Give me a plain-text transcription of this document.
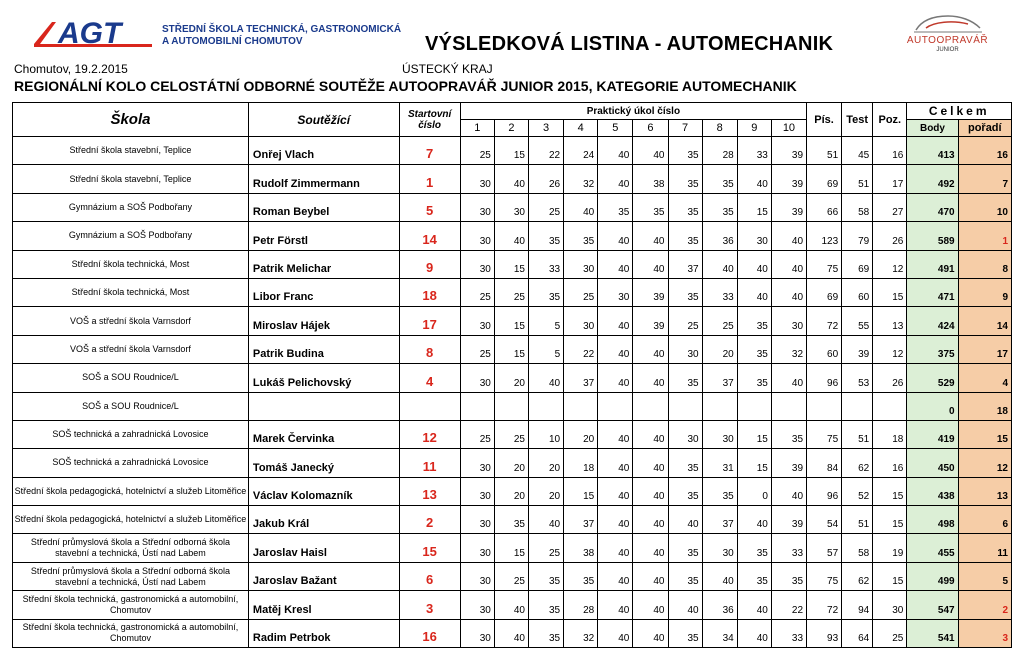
AGT	STŘEDNÍ ŠKOLA TECHNICKÁ, GASTRONOMICKÁ
A AUTOMOBILNÍ CHOMUTOV	VÝSLEDKOVÁ LISTINA - AUTOMECHANIK	AUTOOPRAVÁŘ
JUNIOR
Chomutov, 19.2.2015	ÚSTECKÝ KRAJ
REGIONÁLNÍ KOLO CELOSTÁTNÍ ODBORNÉ SOUTĚŽE AUTOOPRAVÁŘ JUNIOR 2015, KATEGORIE AUTOMECHANIK
Škola	Soutěžící	Startovní
číslo	Praktický úkol číslo										Pís.	Test	Poz.	Celkem	
			1	2	3	4	5	6	7	8	9	10				Body	pořadí
Střední škola stavební, Teplice	Onřej Vlach	7	25	15	22	24	40	40	35	28	33	39	51	45	16	413	16
Střední škola stavební, Teplice	Rudolf Zimmermann	1	30	40	26	32	40	38	35	35	40	39	69	51	17	492	7
Gymnázium a SOŠ Podbořany	Roman Beybel	5	30	30	25	40	35	35	35	35	15	39	66	58	27	470	10
Gymnázium a SOŠ Podbořany	Petr Förstl	14	30	40	35	35	40	40	35	36	30	40	123	79	26	589	1
Střední škola technická, Most	Patrik Melichar	9	30	15	33	30	40	40	37	40	40	40	75	69	12	491	8
Střední škola technická, Most	Libor Franc	18	25	25	35	25	30	39	35	33	40	40	69	60	15	471	9
VOŠ a střední škola Varnsdorf	Miroslav Hájek	17	30	15	5	30	40	39	25	25	35	30	72	55	13	424	14
VOŠ a střední škola Varnsdorf	Patrik Budina	8	25	15	5	22	40	40	30	20	35	32	60	39	12	375	17
SOŠ a SOU Roudnice/L	Lukáš Pelichovský	4	30	20	40	37	40	40	35	37	35	40	96	53	26	529	4
SOŠ a SOU Roudnice/L																0	18
SOŠ technická a zahradnická Lovosice	Marek Červinka	12	25	25	10	20	40	40	30	30	15	35	75	51	18	419	15
SOŠ technická a zahradnická Lovosice	Tomáš Janecký	11	30	20	20	18	40	40	35	31	15	39	84	62	16	450	12
Střední škola pedagogická, hotelnictví a služeb Litoměřice	Václav Kolomazník	13	30	20	20	15	40	40	35	35	0	40	96	52	15	438	13
Střední škola pedagogická, hotelnictví a služeb Litoměřice	Jakub Král	2	30	35	40	37	40	40	40	37	40	39	54	51	15	498	6
Střední průmyslová škola a Střední odborná škola stavební a technická, Ústí nad Labem	Jaroslav Haisl	15	30	15	25	38	40	40	35	30	35	33	57	58	19	455	11
Střední průmyslová škola a Střední odborná škola stavební a technická, Ústí nad Labem	Jaroslav Bažant	6	30	25	35	35	40	40	35	40	35	35	75	62	15	499	5
Střední škola technická, gastronomická a automobilní, Chomutov	Matěj Kresl	3	30	40	35	28	40	40	40	36	40	22	72	94	30	547	2
Střední škola technická, gastronomická a automobilní, Chomutov	Radim Petrbok	16	30	40	35	32	40	40	35	34	40	33	93	64	25	541	3
